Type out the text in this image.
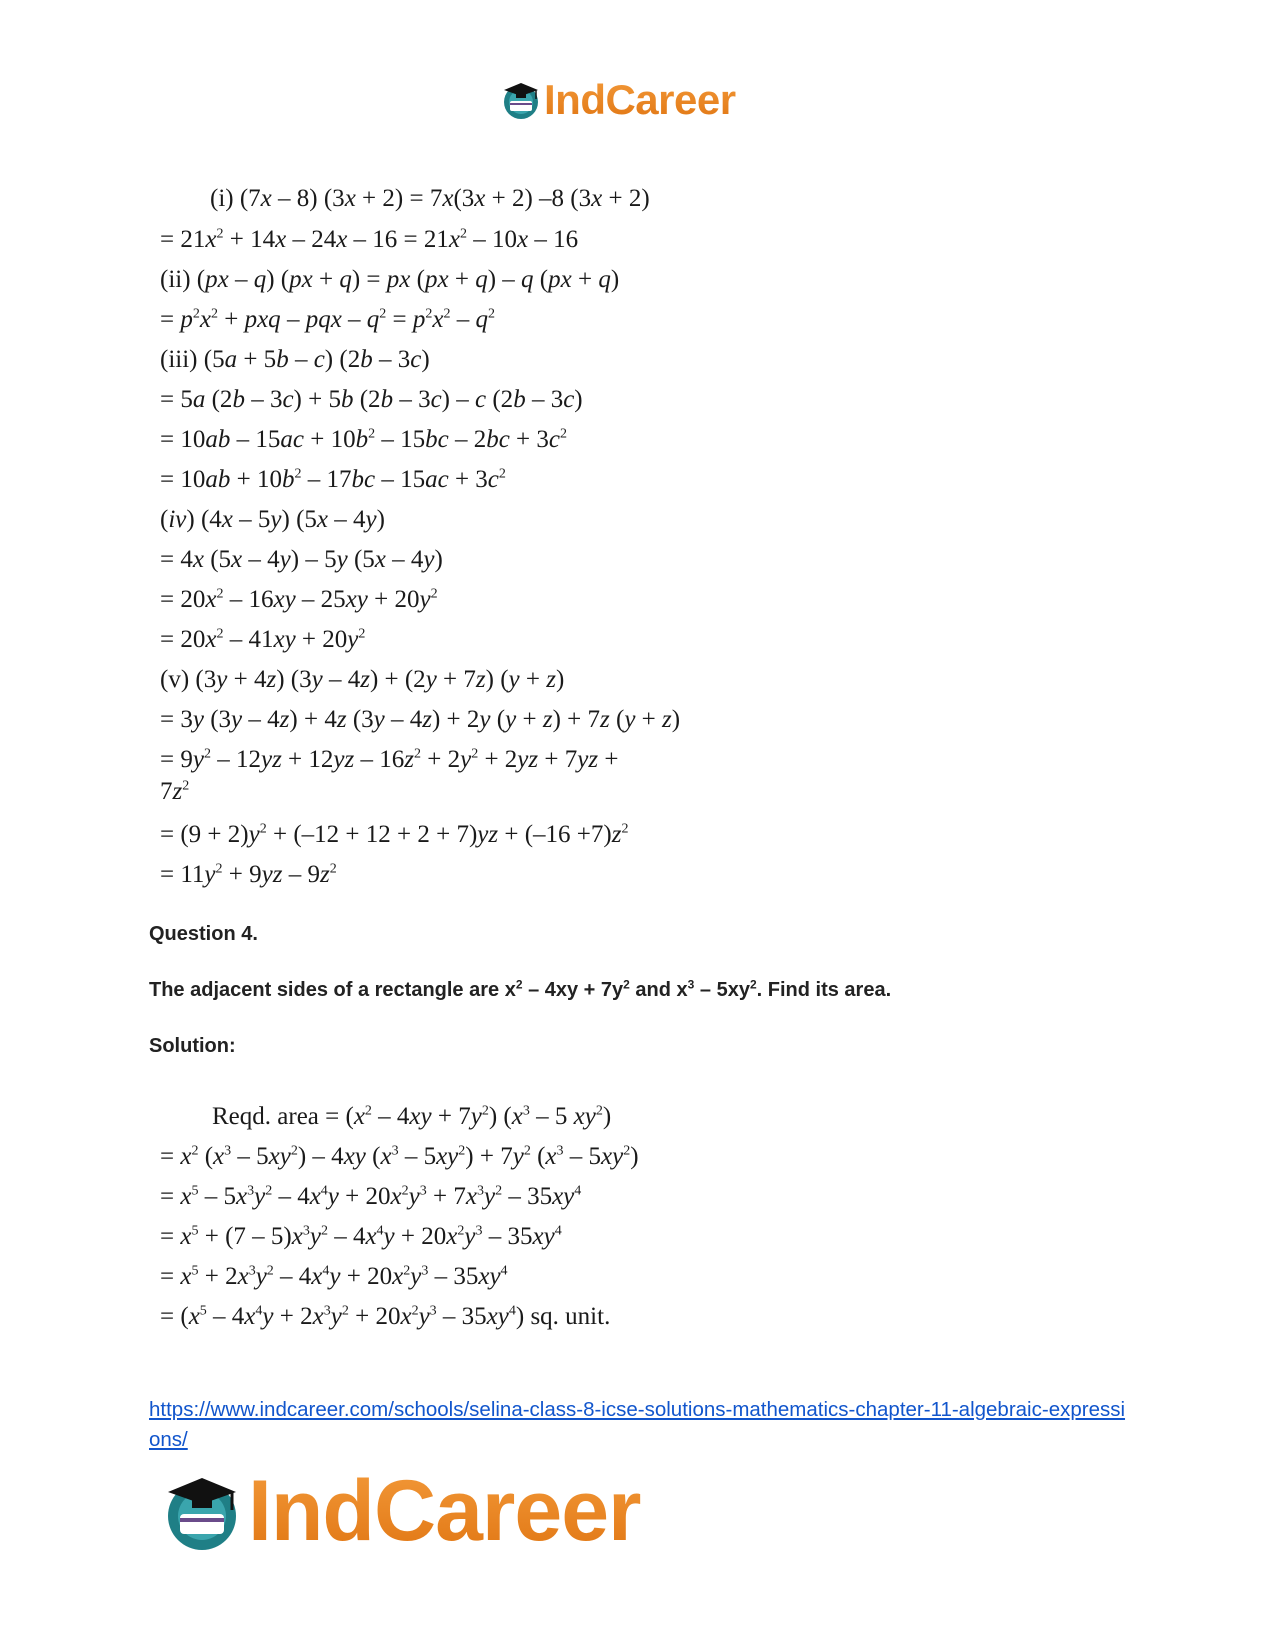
IndCareer
(i) (7x – 8) (3x + 2) = 7x(3x + 2) –8 (3x + 2)
= $21x^2 + 14x - 24x - 16 = 21x^2 - 10x - 16$
(ii) (px – q) (px + q) = px (px + q) – q (px + q)
= $p^2x^2$ + pxq – pqx – $q^2 = p^2x^2 - q^2$
(iii) (5a + 5b – c) (2b – 3c)
= 5a (2b – 3c) + 5b (2b – 3c) – c (2b – 3c)
= $10ab - 15ac + 10b^2 - 15bc - 2bc + 3c^2$
= $10ab + 10b^2 - 17bc - 15ac + 3c^2$
(iv) (4x – 5y) (5x – 4y)
= 4x (5x – 4y) – 5y (5x – 4y)
= $20x^2 - 16xy - 25xy + 20y^2$
= $20x^2 - 41xy + 20y^2$
(v) (3y + 4z) (3y – 4z) + (2y + 7z) (y + z)
= 3y (3y – 4z) + 4z (3y – 4z) + 2y (y + z) + 7z (y + z)
= $9y^2 - 12yz + 12yz - 16z^2 + 2y^2 + 2yz + 7yz$ +
$7z^2$
= $(9 + 2)y^2 + (-12 + 12 + 2 + 7)yz + (-16 +7)z^2$
= $11y^2 + 9yz - 9z^2$
Question 4.
The adjacent sides of a rectangle are $x^2 - 4xy + 7y^2$ and $x^3 - 5xy^2$. Find its area.
Solution:
Reqd. area = $(x^2 - 4xy + 7y^2)$ ($x^3 - 5$ $xy^2$)
= $x^2$ $(x^3 - 5xy^2) - 4xy$ $(x^3 - 5xy^2) + 7y^2$ $(x^3 - 5xy^2)$
= $x^5 - 5x^3y^2 - 4x^4y + 20x^2y^3 + 7x^3y^2 - 35xy^4$
= $x^5 + (7 - 5)x^3y^2 - 4x^4y + 20x^2y^3 - 35xy^4$
= $x^5 + 2x^3y^2 - 4x^4y + 20x^2y^3 - 35xy^4$
= $(x^5 - 4x^4y + 2x^3y^2 + 20x^2y^3 - 35xy^4)$ sq. unit.
https://www.indcareer.com/schools/selina-class-8-icse-solutions-mathematics-chapter-11-algebraic-expressions/
IndCareer
